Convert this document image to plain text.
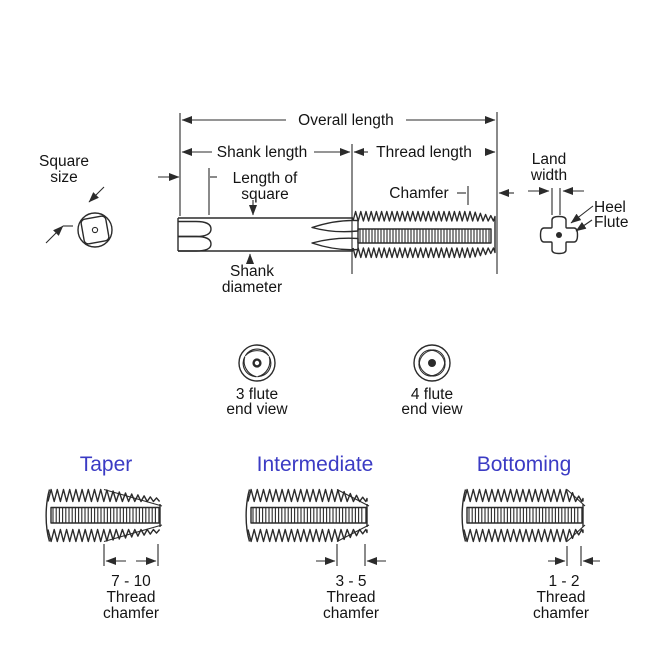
Overall length
Shank length	Thread length
Length of
square	Chamfer
Square
size
Shank
diameter
Land
width
Heel
Flute
3 flute
end view
4 flute
end view
Taper	Intermediate	Bottoming
7 - 10
Thread
chamfer
3 - 5
Thread
chamfer
1 - 2
Thread
chamfer
